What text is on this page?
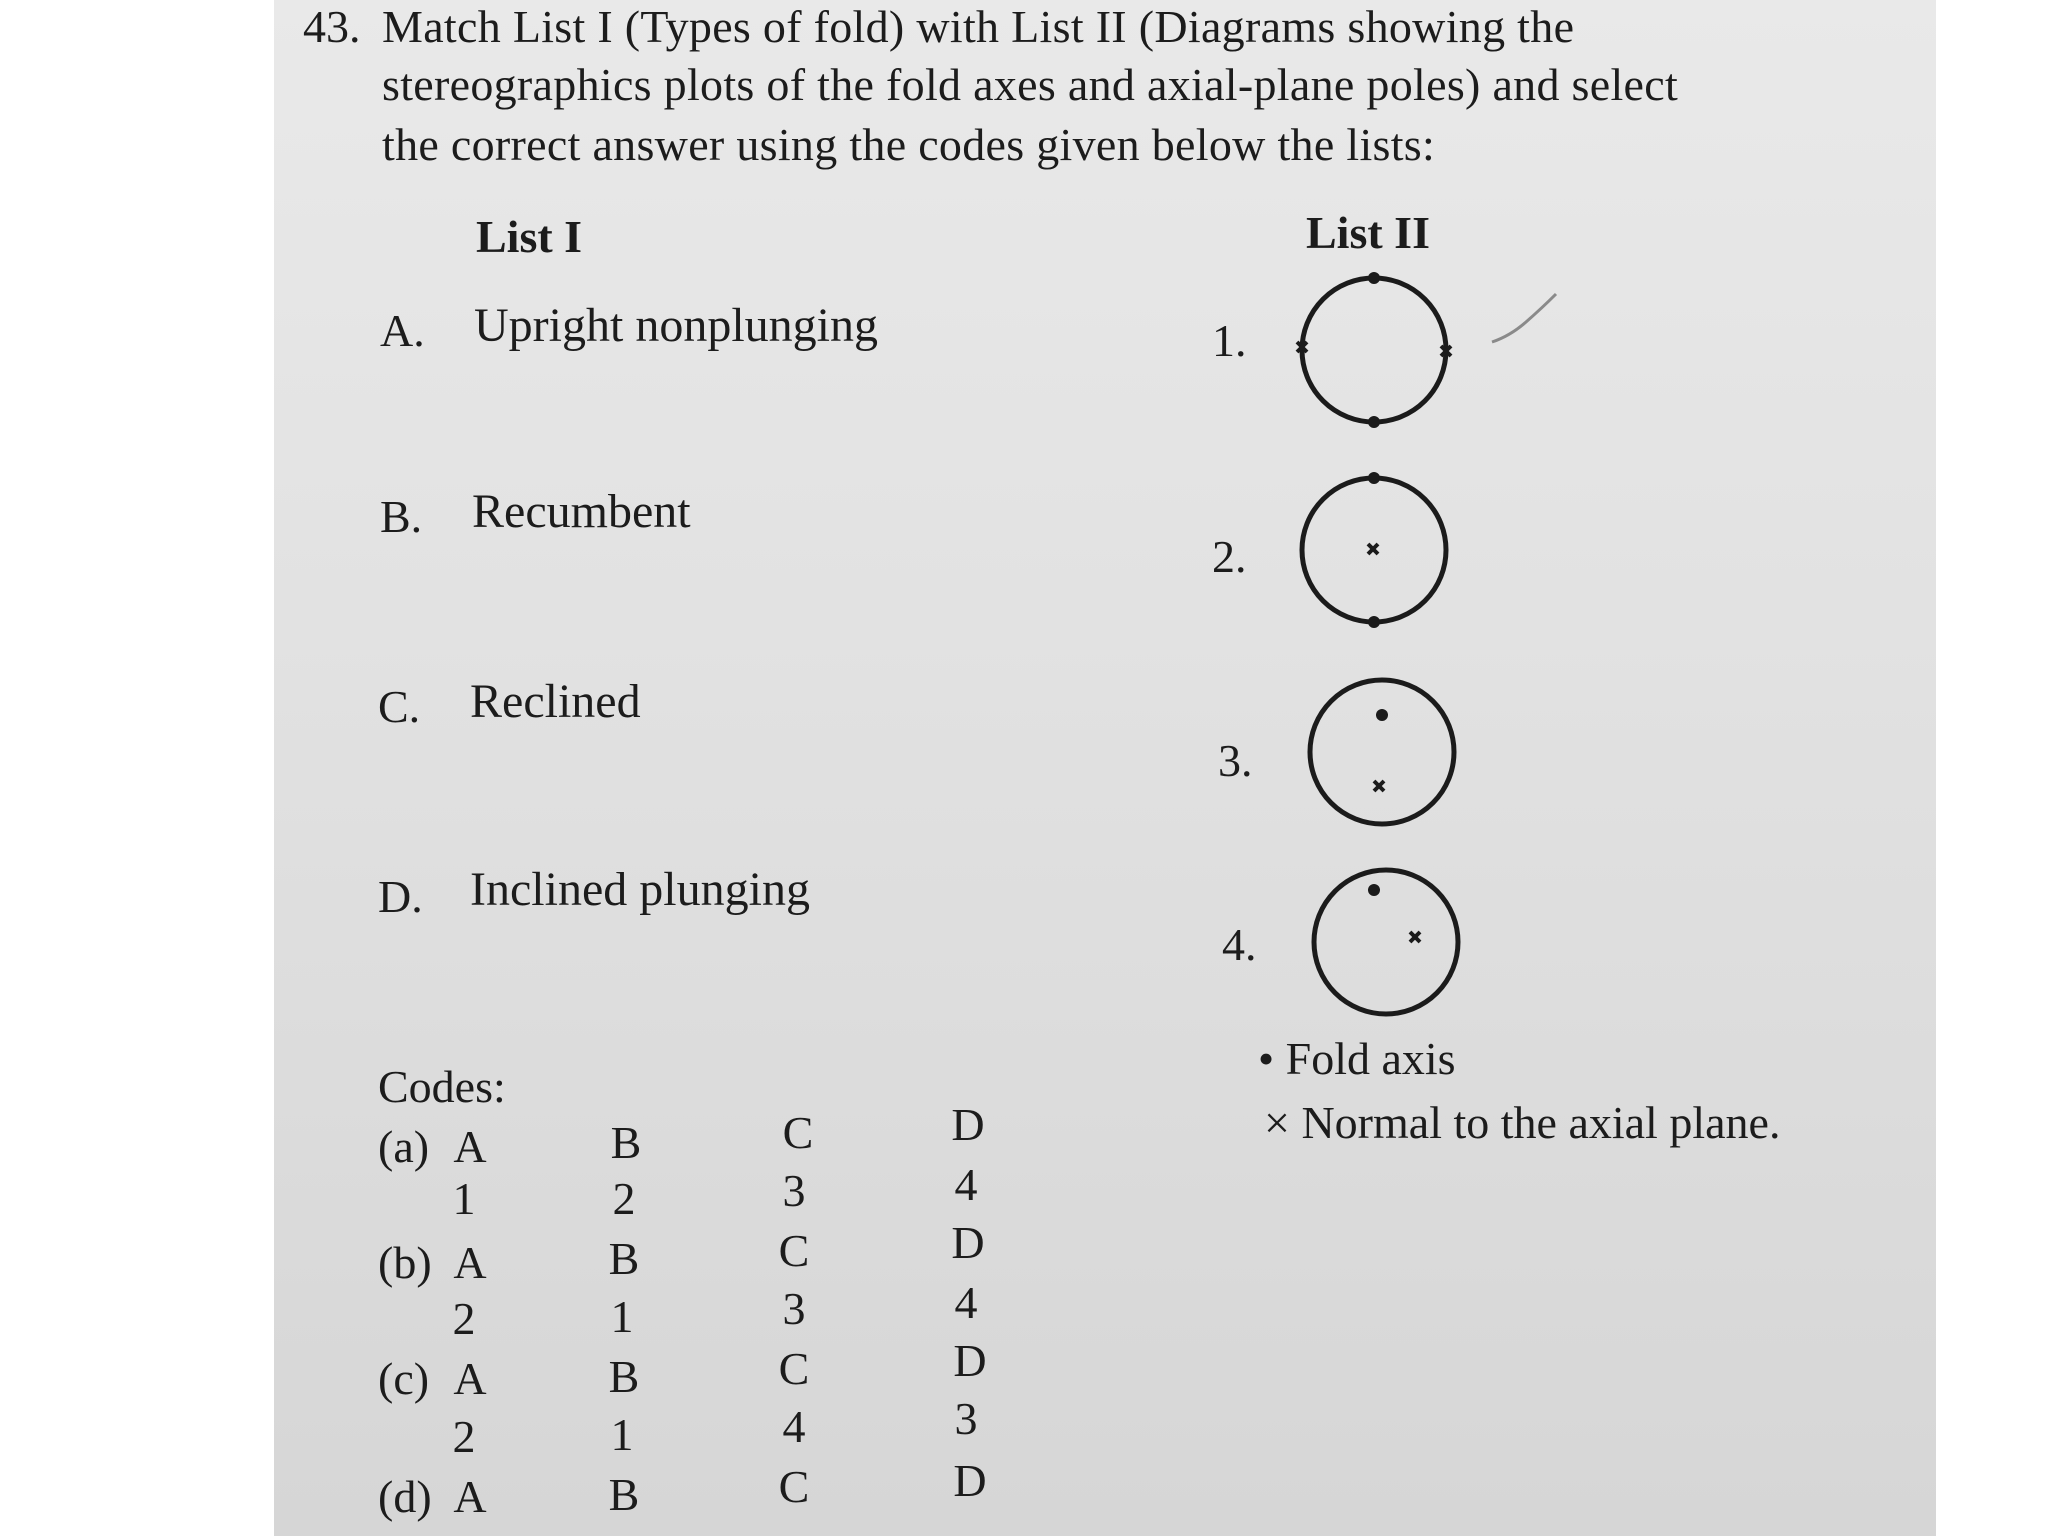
43. Match List I (Types of fold) with List II (Diagrams showing the
stereographics plots of the fold axes and axial-plane poles) and select
the correct answer using the codes given below the lists:
List I	List II
A. Upright nonplunging
B. Recumbent
C. Reclined
D. Inclined plunging
1.
2.
3.
4.
• Fold axis
× Normal to the axial plane.
Codes:
(a) A	B	C	D
1	2	3	4
(b) A	B	C	D
2	1	3	4
(c) A	B	C	D
2	1	4	3
(d) A	B	C	D
